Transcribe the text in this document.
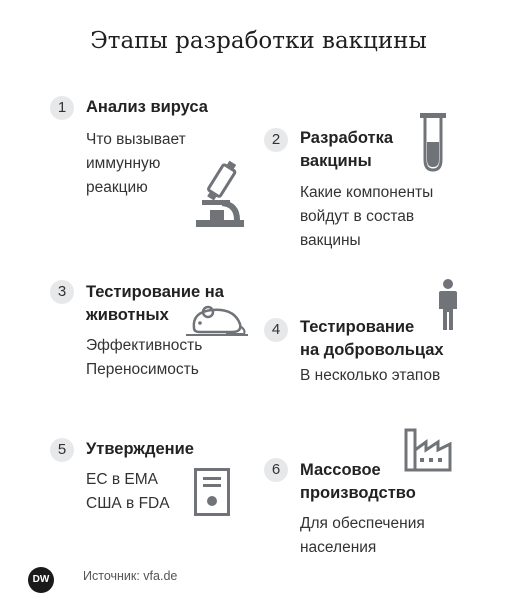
Этапы разработки вакцины
1	Анализ вируса
Что вызывает
иммунную
реакцию
2	Разработка
вакцины
Какие компоненты
войдут в состав
вакцины
3	Тестирование на
животных
Эффективность
Переносимость
4	Тестирование
на добровольцах
В несколько этапов
5	Утверждение
ЕС в EMA
США в FDA
6	Массовое
производство
Для обеспечения
населения
DW	Источник: vfa.de
